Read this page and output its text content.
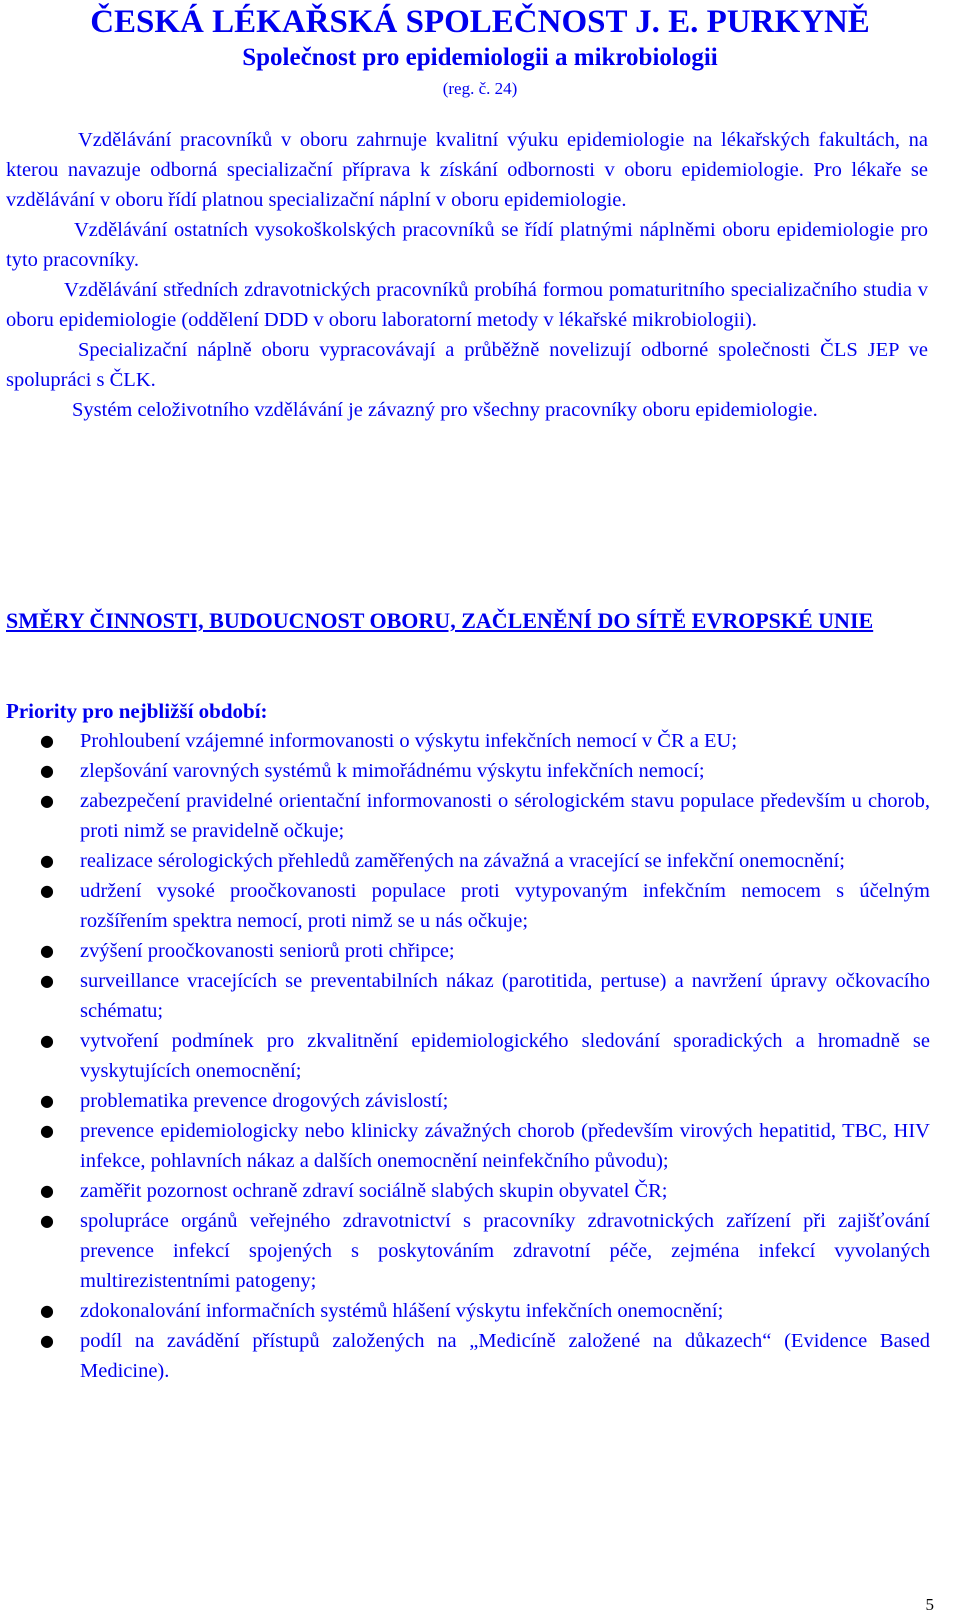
ČESKÁ LÉKAŘSKÁ SPOLEČNOST J. E. PURKYNĚ
Společnost pro epidemiologii a mikrobiologii
(reg. č. 24)

Vzdělávání pracovníků v oboru zahrnuje kvalitní výuku epidemiologie na lékařských fakultách, na kterou navazuje odborná specializační příprava k získání odbornosti v oboru epidemiologie. Pro lékaře se vzdělávání v oboru řídí platnou specializační náplní v oboru epidemiologie.

Vzdělávání ostatních vysokoškolských pracovníků se řídí platnými náplněmi oboru epidemiologie pro tyto pracovníky.

Vzdělávání středních zdravotnických pracovníků probíhá formou pomaturitního specializačního studia v oboru epidemiologie (oddělení DDD v oboru laboratorní metody v lékařské mikrobiologii).

Specializační náplně oboru vypracovávají a průběžně novelizují odborné společnosti ČLS JEP ve spolupráci s ČLK.

Systém celoživotního vzdělávání je závazný pro všechny pracovníky oboru epidemiologie.

SMĚRY ČINNOSTI, BUDOUCNOST OBORU, ZAČLENĚNÍ DO SÍTĚ EVROPSKÉ UNIE
Priority pro nejbližší období:
● Prohloubení vzájemné informovanosti o výskytu infekčních nemocí v ČR a EU;
● zlepšování varovných systémů k mimořádnému výskytu infekčních nemocí;
● zabezpečení pravidelné orientační informovanosti o sérologickém stavu populace především u chorob, proti nimž se pravidelně očkuje;
● realizace sérologických přehledů zaměřených na závažná a vracející se infekční onemocnění;
● udržení vysoké proočkovanosti populace proti vytypovaným infekčním nemocem s účelným rozšířením spektra nemocí, proti nimž se u nás očkuje;
● zvýšení proočkovanosti seniorů proti chřipce;
● surveillance vracejících se preventabilních nákaz (parotitida, pertuse) a navržení úpravy očkovacího schématu;
● vytvoření podmínek pro zkvalitnění epidemiologického sledování sporadických a hromadně se vyskytujících onemocnění;
● problematika prevence drogových závislostí;
● prevence epidemiologicky nebo klinicky závažných chorob (především virových hepatitid, TBC, HIV infekce, pohlavních nákaz a dalších onemocnění neinfekčního původu);
● zaměřit pozornost ochraně zdraví sociálně slabých skupin obyvatel ČR;
● spolupráce orgánů veřejného zdravotnictví s pracovníky zdravotnických zařízení při zajišťování prevence infekcí spojených s poskytováním zdravotní péče, zejména infekcí vyvolaných multirezistentními patogeny;
● zdokonalování informačních systémů hlášení výskytu infekčních onemocnění;
● podíl na zavádění přístupů založených na „Medicíně založené na důkazech“ (Evidence Based Medicine).
5
